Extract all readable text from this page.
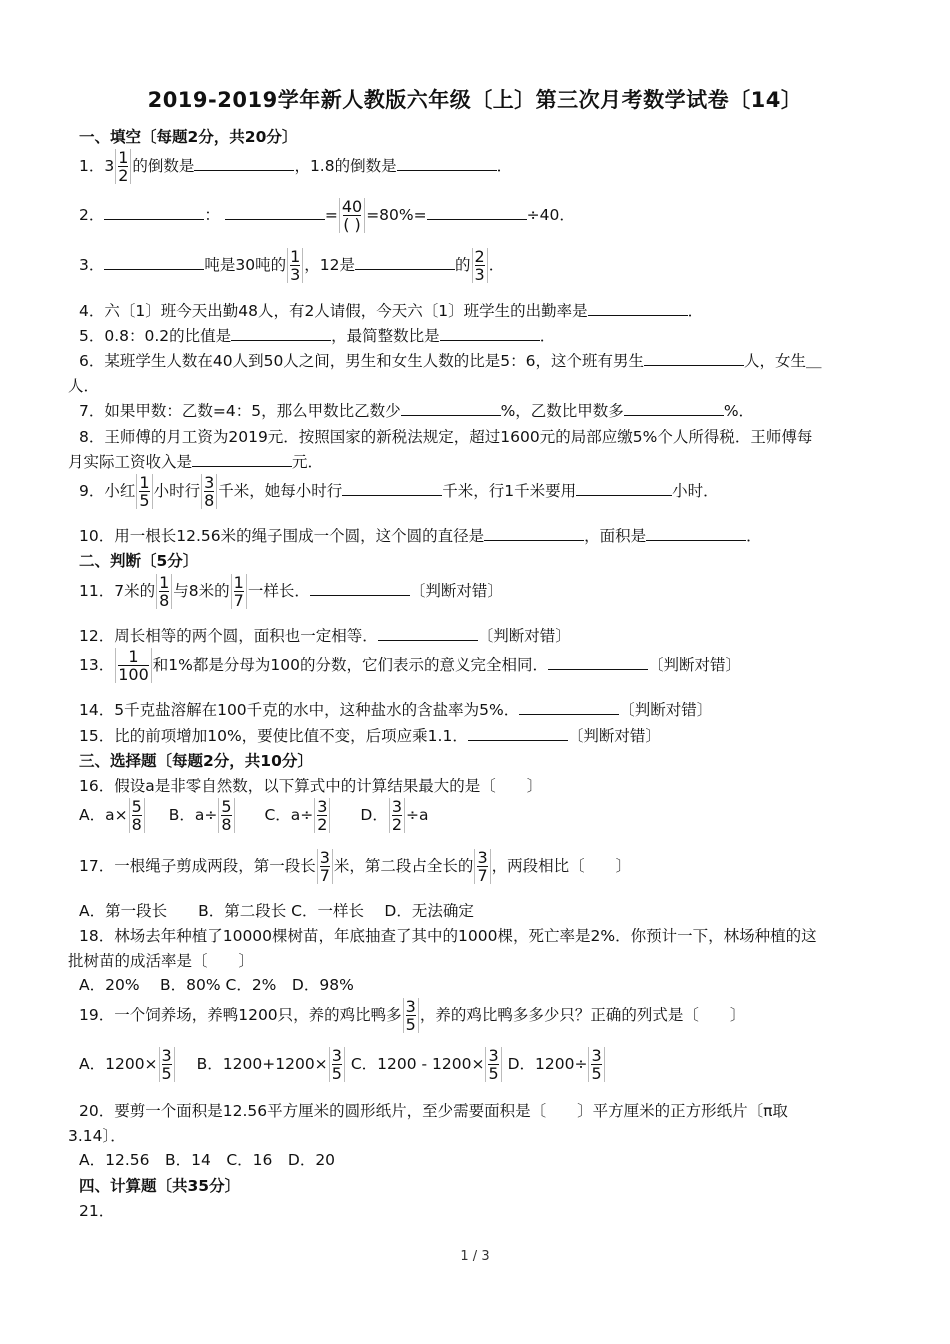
2019-2019学年新人教版六年级〔上〕第三次月考数学试卷〔14〕
一、填空〔每题2分，共20分〕
1．$3 \frac{1}{2}$ 的倒数是	，1.8的倒数是	．
2．	：	= $\frac{40}{( )} =80\%=$	÷40．
3．	吨是30吨的 $\frac{1}{3}$ ，12是	的 $\frac{2}{3}$ ．
4．六〔1〕班今天出勤48人，有2人请假，今天六〔1〕班学生的出勤率是	．
5．0.8：0.2的比值是	，最简整数比是	．
6．某班学生人数在40人到50人之间，男生和女生人数的比是5：6，这个班有男生	人，女生＿
人．
7．如果甲数：乙数=4：5，那么甲数比乙数少	%，乙数比甲数多	%．
8．王师傅的月工资为2019元．按照国家的新税法规定，超过1600元的局部应缴5%个人所得税．王师傅每
月实际工资收入是	元．
9．小红 $\frac{1}{5}$ 小时行 $\frac{3}{8}$ 千米，她每小时行	千米，行1千米要用	小时．
10．用一根长12.56米的绳子围成一个圆，这个圆的直径是	，面积是	．
二、判断〔5分〕
11．7米的 $\frac{1}{8}$ 与8米的 $\frac{1}{7}$ 一样长．	〔判断对错〕
12．周长相等的两个圆，面积也一定相等．	〔判断对错〕
13． $\frac{1}{100}$ 和1%都是分母为100的分数，它们表示的意义完全相同．	〔判断对错〕
14．5千克盐溶解在100千克的水中，这种盐水的含盐率为5%．	〔判断对错〕
15．比的前项增加10%，要使比值不变，后项应乘1.1．	〔判断对错〕
三、选择题〔每题2分，共10分〕
16．假设a是非零自然数，以下算式中的计算结果最大的是〔　　〕
A．$a\times \frac{5}{8}$ B．$a\div \frac{5}{8}$ C．$a\div \frac{3}{2}$ D． $\frac{3}{2} \div a$
17．一根绳子剪成两段，第一段长 $\frac{3}{7}$ 米，第二段占全长的 $\frac{3}{7}$ ，两段相比〔　　〕
A．第一段长　　B．第二段长 C．一样长　 D．无法确定
18．林场去年种植了10000棵树苗，年底抽查了其中的1000棵，死亡率是2%．你预计一下，林场种植的这
批树苗的成活率是〔　　〕
A．20%　 B．80% C．2%　D．98%
19．一个饲养场，养鸭1200只，养的鸡比鸭多 $\frac{3}{5}$ ，养的鸡比鸭多多少只？正确的列式是〔　　〕
A．$1200\times \frac{3}{5}$ B．$1200+1200\times \frac{3}{5}$ C．$1200 - 1200\times \frac{3}{5}$ D．$1200\div \frac{3}{5}$
20．要剪一个面积是12.56平方厘米的圆形纸片，至少需要面积是〔　　〕平方厘米的正方形纸片〔π取
3.14〕．
A．12.56　B．14　C．16　D．20
四、计算题〔共35分〕
21．
1 / 3
